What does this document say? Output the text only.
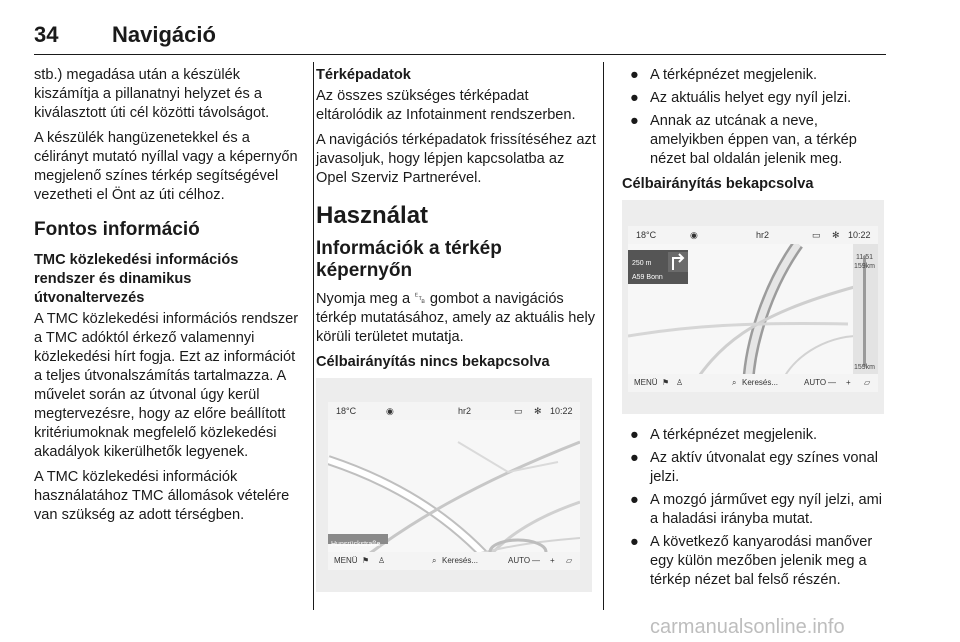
34 Navigáció

stb.) megadása után a készülék kiszámítja a pillanatnyi helyzet és a kiválasztott úti cél közötti távolságot.

A készülék hangüzenetekkel és a célirányt mutató nyíllal vagy a képernyőn megjelenő színes térkép segítségével vezetheti el Önt az úti célhoz.

Fontos információ
TMC közlekedési információs rendszer és dinamikus útvonaltervezés

A TMC közlekedési információs rendszer a TMC adóktól érkező valamennyi közlekedési hírt fogja. Ezt az információt a teljes útvonalszámítás tartalmazza. A művelet során az útvonal úgy kerül megtervezésre, hogy az előre beállított kritériumoknak megfelelő közlekedési akadályok kikerülhetők legyenek.

A TMC közlekedési információk használatához TMC állomások vételére van szükség az adott térségben.

Térképadatok

Az összes szükséges térképadat eltárolódik az Infotainment rendszerben.

A navigációs térképadatok frissítéséhez azt javasoljuk, hogy lépjen kapcsolatba az Opel Szerviz Partnerével.

Használat
Információk a térkép képernyőn

Nyomja meg a ␗ gombot a navigációs térkép mutatásához, amely az aktuális hely körüli területet mutatja.

Célbairányítás nincs bekapcsolva
Hunsrückstraße
18°C	◉	hr2	▭ ✻ 10:22
MENÜ ⚑ ♙	⌕ Keresés...	AUTO — + ▱
● A térképnézet megjelenik.
● Az aktuális helyet egy nyíl jelzi.
● Annak az utcának a neve, amelyikben éppen van, a térkép nézet bal oldalán jelenik meg.
Célbairányítás bekapcsolva
250 m
A59 Bonn
11:51
159km
159km
18°C	◉	hr2	▭ ✻ 10:22
MENÜ ⚑ ♙	⌕ Keresés...	AUTO — + ▱
● A térképnézet megjelenik.
● Az aktív útvonalat egy színes vonal jelzi.
● A mozgó járművet egy nyíl jelzi, ami a haladási irányba mutat.
● A következő kanyarodási manőver egy külön mezőben jelenik meg a térkép nézet bal felső részén.
carmanualsonline.info
